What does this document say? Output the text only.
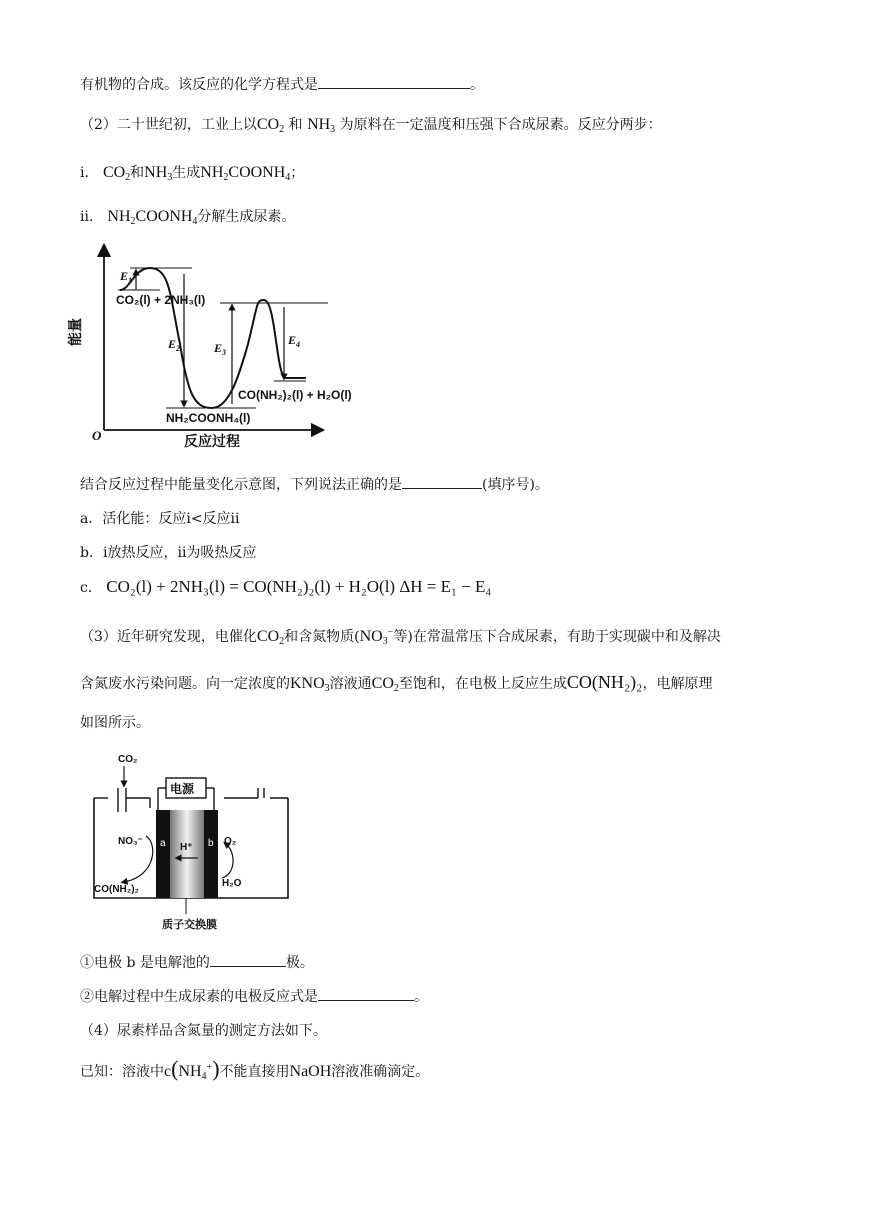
有机物的合成。该反应的化学方程式是	。
（2）二十世纪初，工业上以$CO_2$ 和 $NH_3$ 为原料在一定温度和压强下合成尿素。反应分两步：
ⅰ． $CO_2$和$NH_3$生成$NH_2COONH_4$；
ⅱ． $NH_2COONH_4$分解生成尿素。
O
能量
反应过程
$E_1$
$E_2$	$E_3$
$E_4$
CO₂(l) + 2NH₃(l)
CO(NH₂)₂(l) + H₂O(l)
NH₂COONH₄(l)
结合反应过程中能量变化示意图，下列说法正确的是	(填序号)。
a．活化能：反应ⅰ<反应ⅱ
b．ⅰ放热反应，ⅱ为吸热反应
c． CO₂(l) + 2NH₃(l) = CO(NH₂)₂(l) + H₂O(l) ΔH = E₁ − E₄
（3）近年研究发现，电催化$CO_2$和含氮物质($NO_3^-$等)在常温常压下合成尿素，有助于实现碳中和及解决
含氮废水污染问题。向一定浓度的$KNO_3$溶液通$CO_2$至饱和，在电极上反应生成CO(NH₂)₂，电解原理
如图所示。
CO₂
电源
a	b
H⁺
NO₃⁻
CO(NH₂)₂
O₂
H₂O
质子交换膜
①电极 b 是电解池的	极。
②电解过程中生成尿素的电极反应式是	。
（4）尿素样品含氮量的测定方法如下。
已知：溶液中$c(NH_4^+)$不能直接用NaOH溶液准确滴定。
